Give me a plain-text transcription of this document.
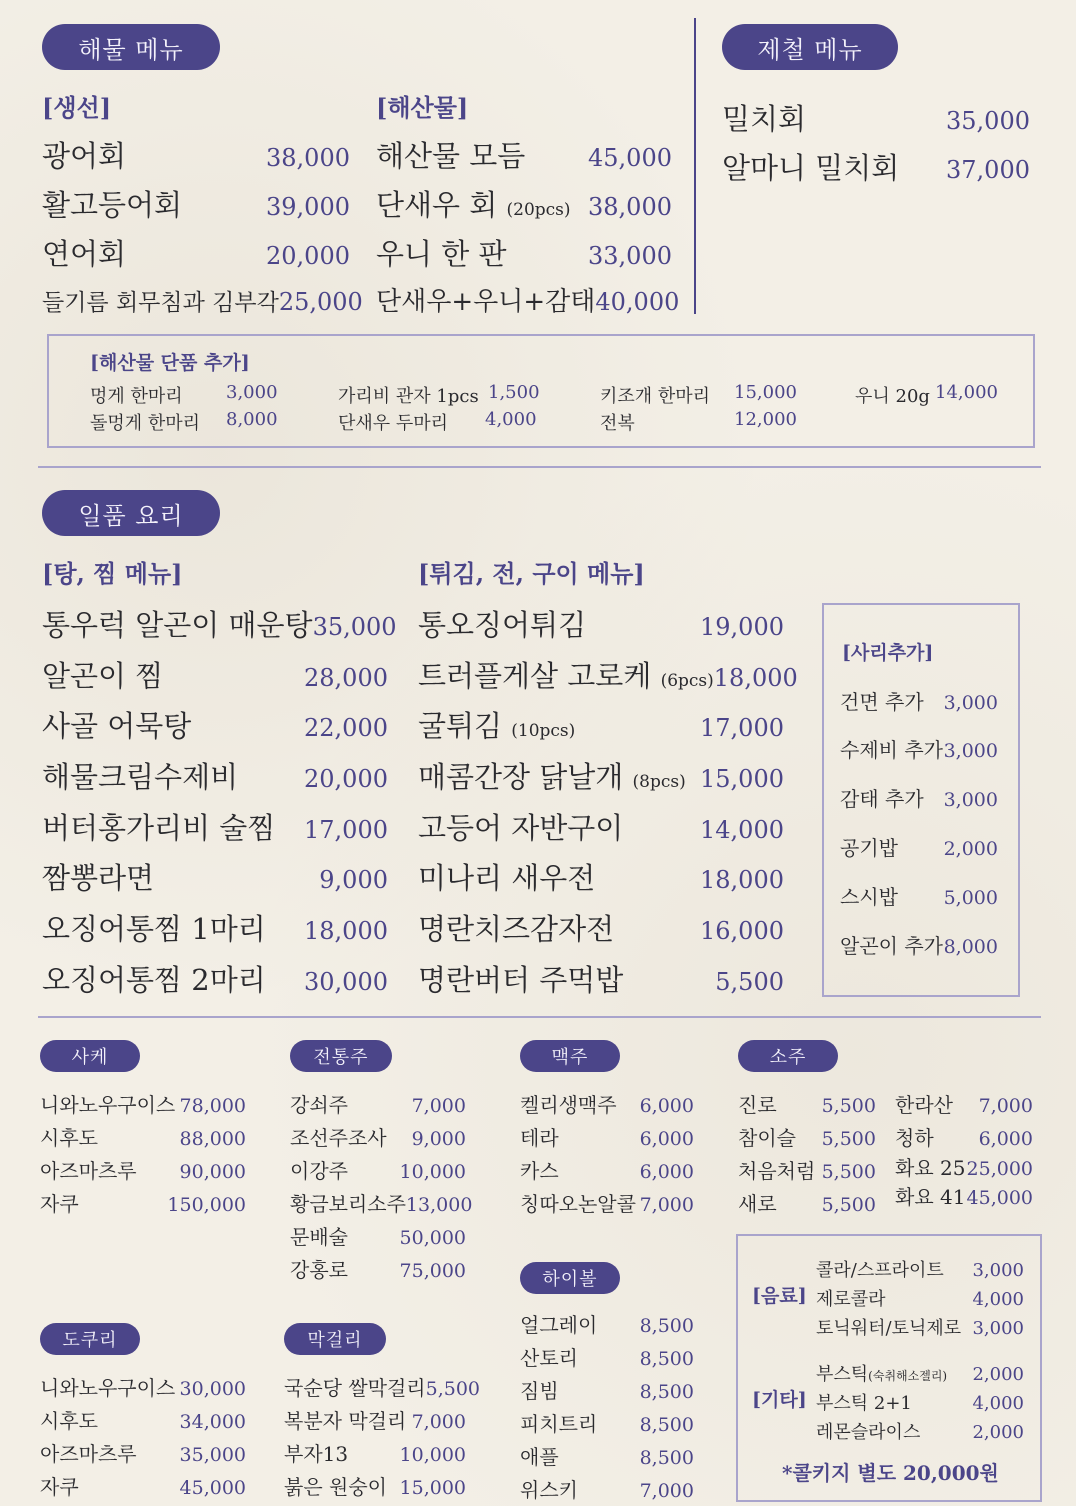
해물 메뉴
[생선]	[해산물]
광어회	38,000
활고등어회	39,000
연어회	20,000
들기름 회무침과 김부각 25,000
해산물 모듬	45,000
단새우 회 (20pcs) 38,000
우니 한 판	33,000
단새우+우니+감태 40,000
제철 메뉴
밀치회	35,000
알마니 밀치회 37,000
[해산물 단품 추가]
멍게 한마리 3,000
돌멍게 한마리 8,000
가리비 관자 1pcs 1,500
단새우 두마리 4,000
키조개 한마리 15,000
전복	12,000
우니 20g 14,000
일품 요리
[탕, 찜 메뉴]	[튀김, 전, 구이 메뉴]
통우럭 알곤이 매운탕 35,000
알곤이 찜	28,000
사골 어묵탕	22,000
해물크림수제비	20,000
버터홍가리비 술찜 17,000
짬뽕라면	9,000
오징어통찜 1마리 18,000
오징어통찜 2마리 30,000
통오징어튀김	19,000
트러플게살 고로케 (6pcs) 18,000
굴튀김 (10pcs)	17,000
매콤간장 닭날개 (8pcs) 15,000
고등어 자반구이	14,000
미나리 새우전	18,000
명란치즈감자전	16,000
명란버터 주먹밥	5,500
[사리추가]
건면 추가 3,000
수제비 추가 3,000
감태 추가 3,000
공기밥 2,000
스시밥 5,000
알곤이 추가 8,000
사케
니와노우구이스 78,000
시후도	88,000
아즈마츠루 90,000
자쿠	150,000
도쿠리
니와노우구이스 30,000
시후도	34,000
아즈마츠루 35,000
자쿠	45,000
전통주
강쇠주	7,000
조선주조사 9,000
이강주	10,000
황금보리소주 13,000
문배술	50,000
강홍로	75,000
막걸리
국순당 쌀막걸리 5,500
복분자 막걸리 7,000
부자13	10,000
붉은 원숭이 15,000
맥주
켈리생맥주 6,000
테라	6,000
카스	6,000
칭따오논알콜 7,000
하이볼
얼그레이 8,500
산토리	8,500
짐빔	8,500
피치트리 8,500
애플	8,500
위스키	7,000
소주
진로 5,500
참이슬 5,500
처음처럼 5,500
새로 5,500
한라산 7,000
청하 6,000
화요 25 25,000
화요 41 45,000
[음료]
콜라/스프라이트 3,000
제로콜라	4,000
토닉워터/토닉제로 3,000
[기타]
부스틱(숙취해소젤리) 2,000
부스틱 2+1	4,000
레몬슬라이스	2,000
*콜키지 별도 20,000원
